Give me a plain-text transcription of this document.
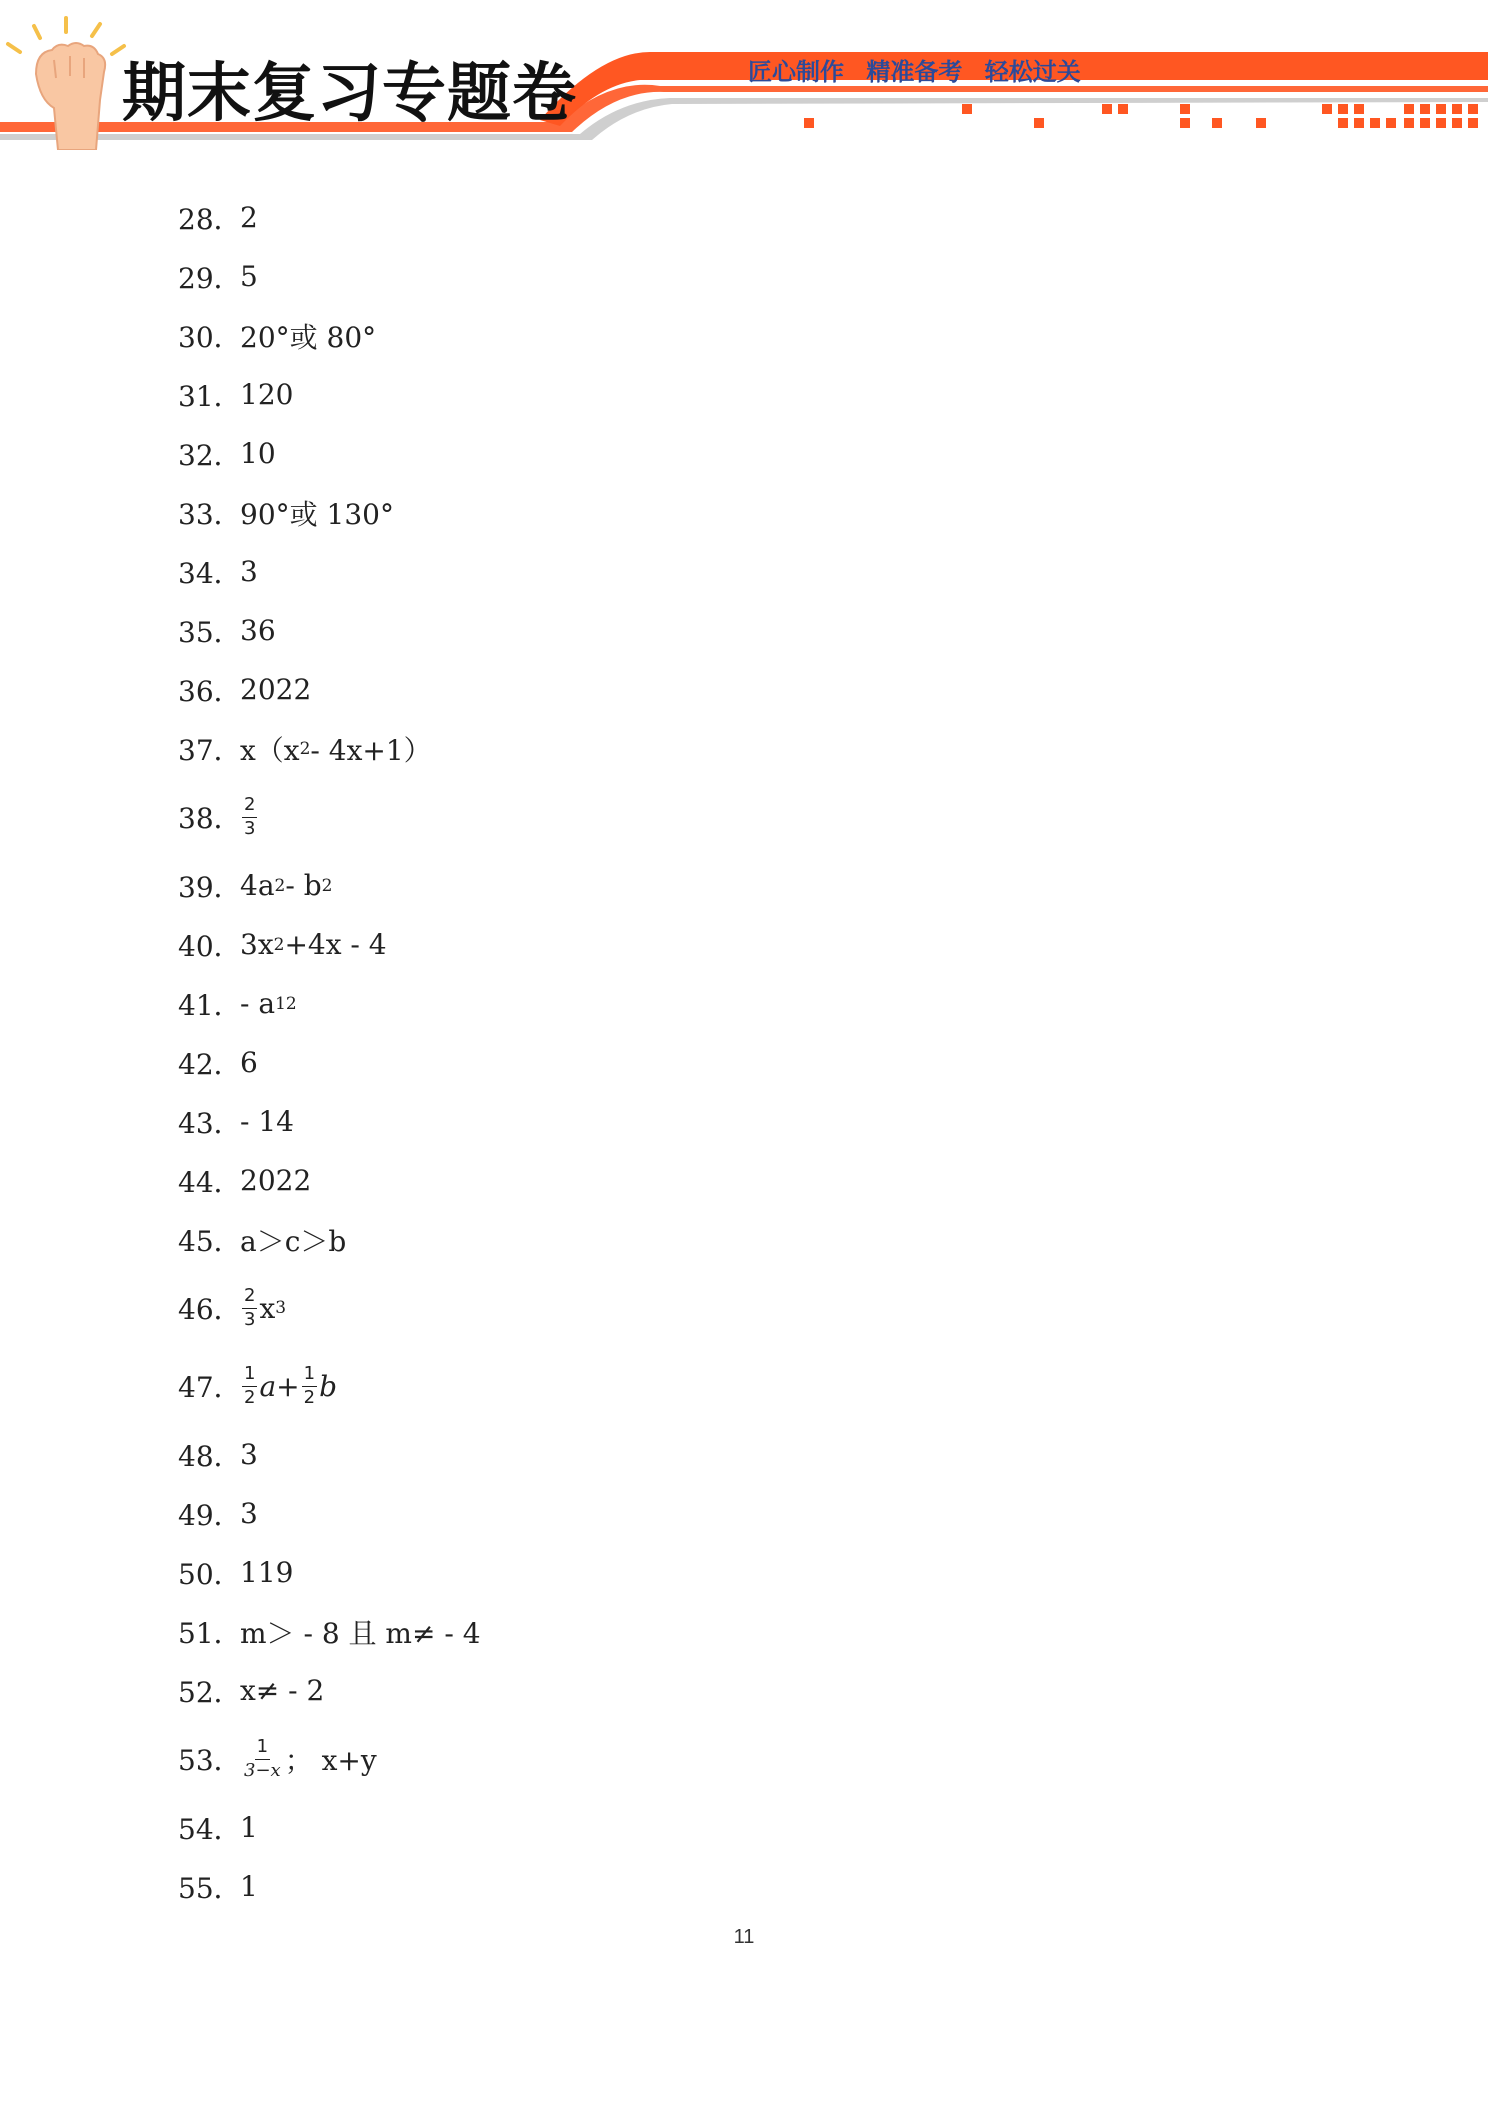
期末复习专题卷	匠心制作 精准备考 轻松过关
28．
2
29．
5
30．
20°或 80°
31．
120
32．
10
33．
90°或 130°
34．
3
35．
36
36．
2022
37．
x（x 2 - 4x+1）
38． $\frac{2}{3}$
39．
4a 2 - b 2
40．
3x 2 +4x - 4
41．
- a 12
42．
6
43．
- 14
44．
2022
45．
a＞c＞b
46． $\frac{2}{3}$ x 3
47． $\frac{1}{2}$ $a + \frac{1}{2}$ b
48．
3
49．
3
50．
119
51．
m＞ - 8 且 m≠ - 4
52．
x≠ - 2
53． $\frac{1}{3-x}$ ； x+y
54．
1
55．
1
11
